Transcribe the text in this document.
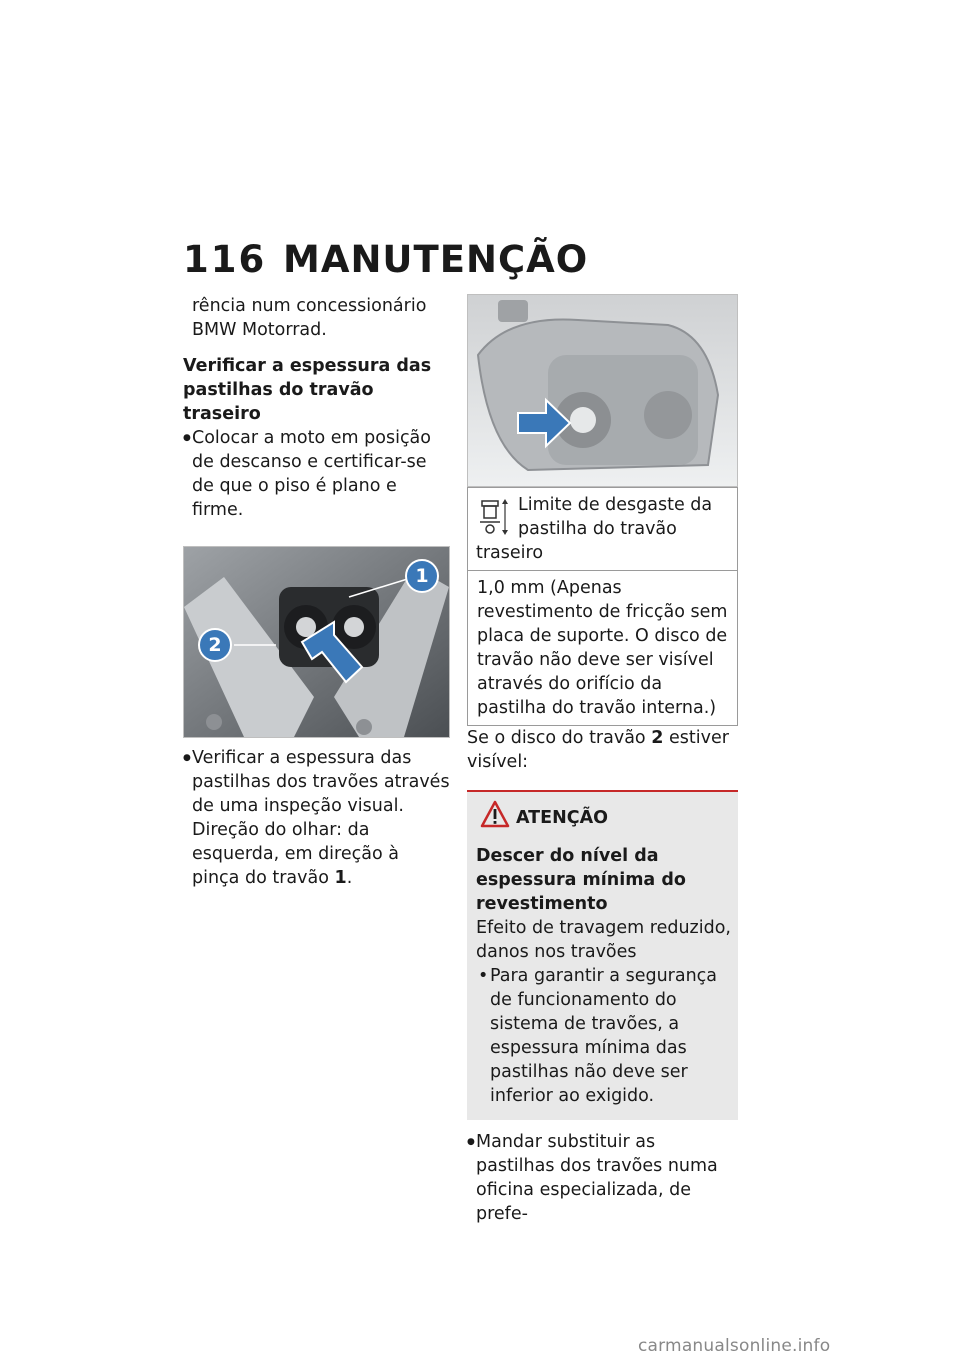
116 MANUTENÇÃO
rência num concessionário BMW Motorrad.
Verificar a espessura das pastilhas do travão traseiro
● Colocar a moto em posição de descanso e certificar-se de que o piso é plano e firme.
1
2
● Verificar a espessura das pastilhas dos travões através de uma inspeção visual. Direção do olhar: da esquerda, em direção à pinça do travão 1.
Limite de desgaste da pastilha do travão traseiro
1,0 mm (Apenas revestimento de fricção sem placa de suporte. O disco de travão não deve ser visível através do orifício da pastilha do travão interna.)
Se o disco do travão 2 estiver visível:
ATENÇÃO
Descer do nível da espessura mínima do revestimento
Efeito de travagem reduzido, danos nos travões
• Para garantir a segurança de funcionamento do sistema de travões, a espessura mínima das pastilhas não deve ser inferior ao exigido.
● Mandar substituir as pastilhas dos travões numa oficina especializada, de prefe-
carmanualsonline.info
